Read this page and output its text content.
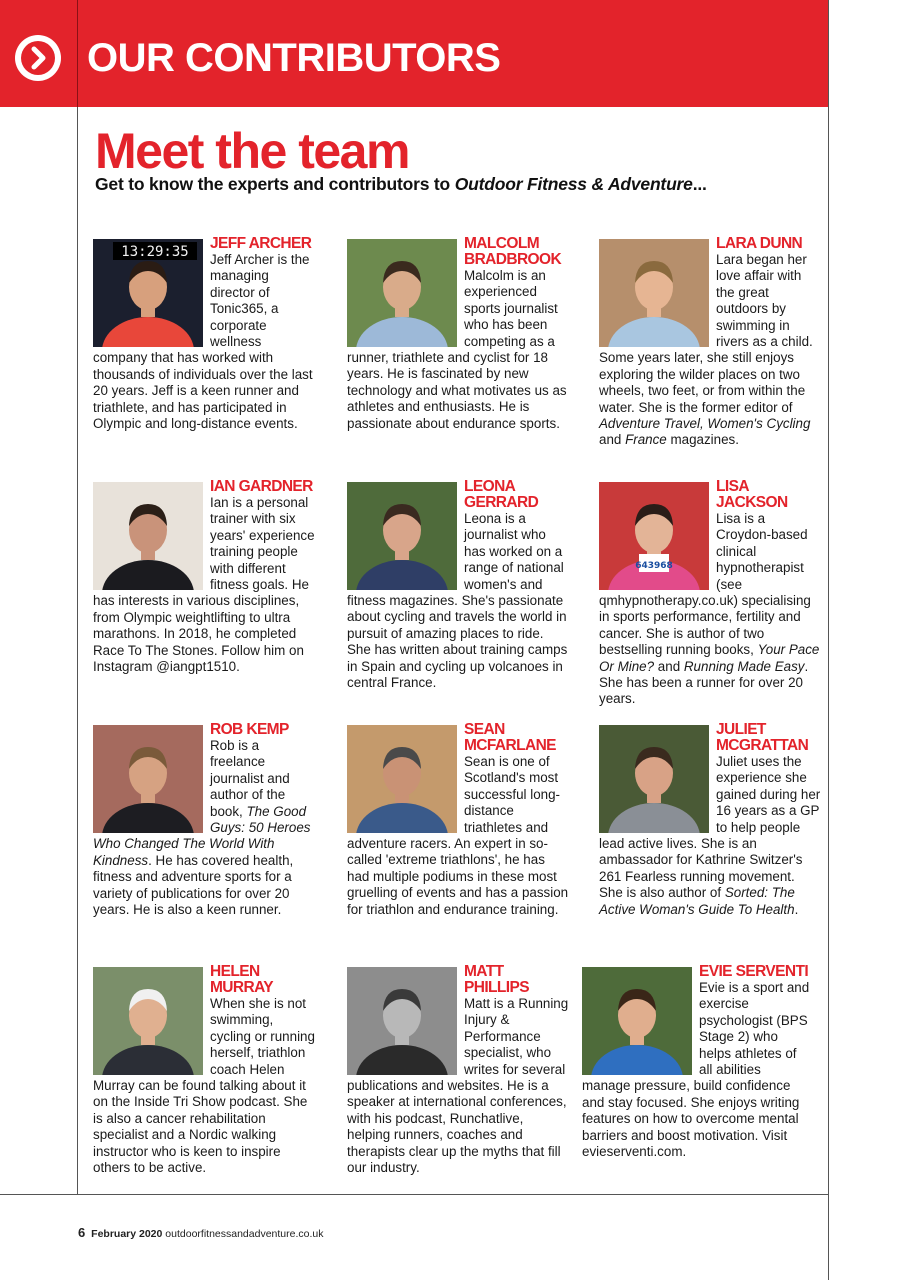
OUR CONTRIBUTORS
Meet the team
Get to know the experts and contributors to Outdoor Fitness & Adventure...
13:29:35	JEFF ARCHER
Jeff Archer is the managing director of Tonic365, a corporate wellness company that has worked with thousands of individuals over the last 20 years. Jeff is a keen runner and triathlete, and has participated in Olympic and long-distance events.
MALCOLM BRADBROOK
Malcolm is an experienced sports journalist who has been competing as a runner, triathlete and cyclist for 18 years. He is fascinated by new technology and what motivates us as athletes and enthusiasts. He is passionate about endurance sports.
LARA DUNN
Lara began her love affair with the great outdoors by swimming in rivers as a child. Some years later, she still enjoys exploring the wilder places on two wheels, two feet, or from within the water. She is the former editor of Adventure Travel, Women's Cycling and France magazines.
IAN GARDNER
Ian is a personal trainer with six years' experience training people with different fitness goals. He has interests in various disciplines, from Olympic weightlifting to ultra marathons. In 2018, he completed Race To The Stones. Follow him on Instagram @iangpt1510.
LEONA GERRARD
Leona is a journalist who has worked on a range of national women's and fitness magazines. She's passionate about cycling and travels the world in pursuit of amazing places to ride. She has written about training camps in Spain and cycling up volcanoes in central France.
643968
LISA JACKSON
Lisa is a Croydon-based clinical hypnotherapist (see qmhypnotherapy.co.uk) specialising in sports performance, fertility and cancer. She is author of two bestselling running books, Your Pace Or Mine? and Running Made Easy. She has been a runner for over 20 years.
ROB KEMP
Rob is a freelance journalist and author of the book, The Good Guys: 50 Heroes Who Changed The World With Kindness. He has covered health, fitness and adventure sports for a variety of publications for over 20 years. He is also a keen runner.
SEAN MCFARLANE
Sean is one of Scotland's most successful long-distance triathletes and adventure racers. An expert in so-called 'extreme triathlons', he has had multiple podiums in these most gruelling of events and has a passion for triathlon and endurance training.
JULIET MCGRATTAN
Juliet uses the experience she gained during her 16 years as a GP to help people lead active lives. She is an ambassador for Kathrine Switzer's 261 Fearless running movement. She is also author of Sorted: The Active Woman's Guide To Health.
HELEN MURRAY
When she is not swimming, cycling or running herself, triathlon coach Helen Murray can be found talking about it on the Inside Tri Show podcast. She is also a cancer rehabilitation specialist and a Nordic walking instructor who is keen to inspire others to be active.
MATT PHILLIPS
Matt is a Running Injury & Performance specialist, who writes for several publications and websites. He is a speaker at international conferences, with his podcast, Runchatlive, helping runners, coaches and therapists clear up the myths that fill our industry.
EVIE SERVENTI
Evie is a sport and exercise psychologist (BPS Stage 2) who helps athletes of all abilities manage pressure, build confidence and stay focused. She enjoys writing features on how to overcome mental barriers and boost motivation. Visit evieserventi.com.
6 February 2020 outdoorfitnessandadventure.co.uk
